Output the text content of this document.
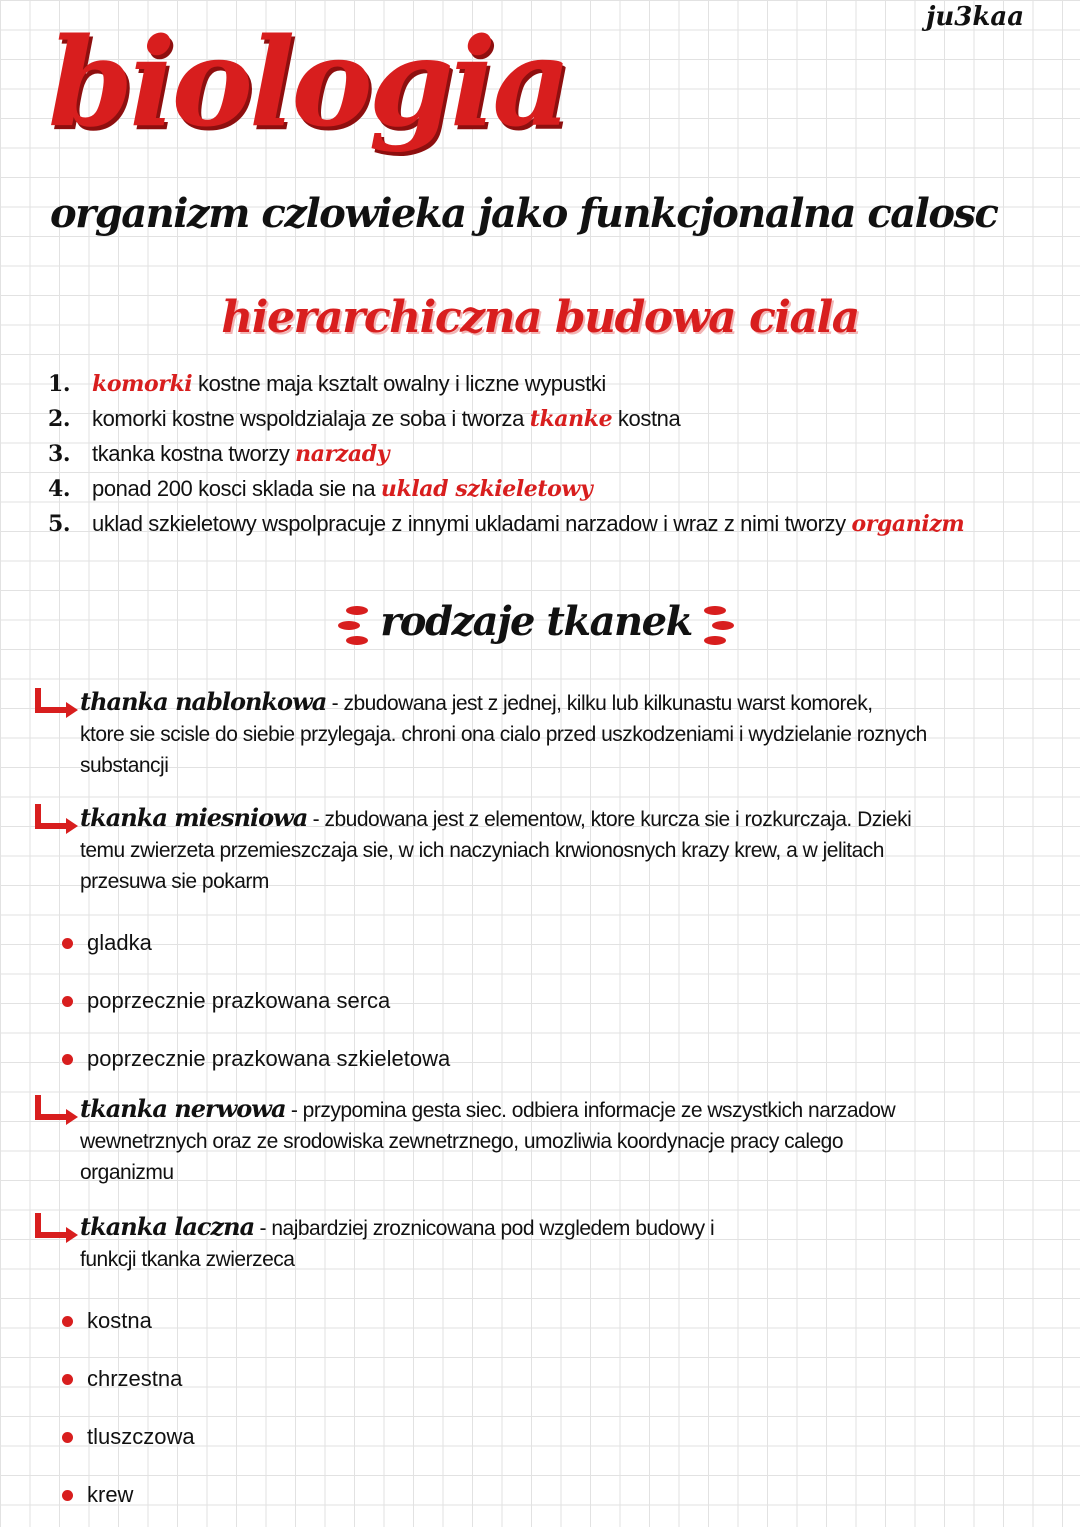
biologia	ju3kaa
organizm czlowieka jako funkcjonalna calosc
hierarchiczna budowa ciala
1. komorki kostne maja ksztalt owalny i liczne wypustki
2. komorki kostne wspoldzialaja ze soba i tworza tkanke kostna
3. tkanka kostna tworzy narzady
4. ponad 200 kosci sklada sie na uklad szkieletowy
5. uklad szkieletowy wspolpracuje z innymi ukladami narzadow i wraz z nimi tworzy organizm
rodzaje tkanek
thanka nablonkowa - zbudowana jest z jednej, kilku lub kilkunastu warst komorek,
ktore sie scisle do siebie przylegaja. chroni ona cialo przed uszkodzeniami i wydzielanie roznych
substancji
tkanka miesniowa - zbudowana jest z elementow, ktore kurcza sie i rozkurczaja. Dzieki
temu zwierzeta przemieszczaja sie, w ich naczyniach krwionosnych krazy krew, a w jelitach
przesuwa sie pokarm
gladka
poprzecznie prazkowana serca
poprzecznie prazkowana szkieletowa
tkanka nerwowa - przypomina gesta siec. odbiera informacje ze wszystkich narzadow
wewnetrznych oraz ze srodowiska zewnetrznego, umozliwia koordynacje pracy calego
organizmu
tkanka laczna - najbardziej zroznicowana pod wzgledem budowy i
funkcji tkanka zwierzeca
kostna
chrzestna
tluszczowa
krew
